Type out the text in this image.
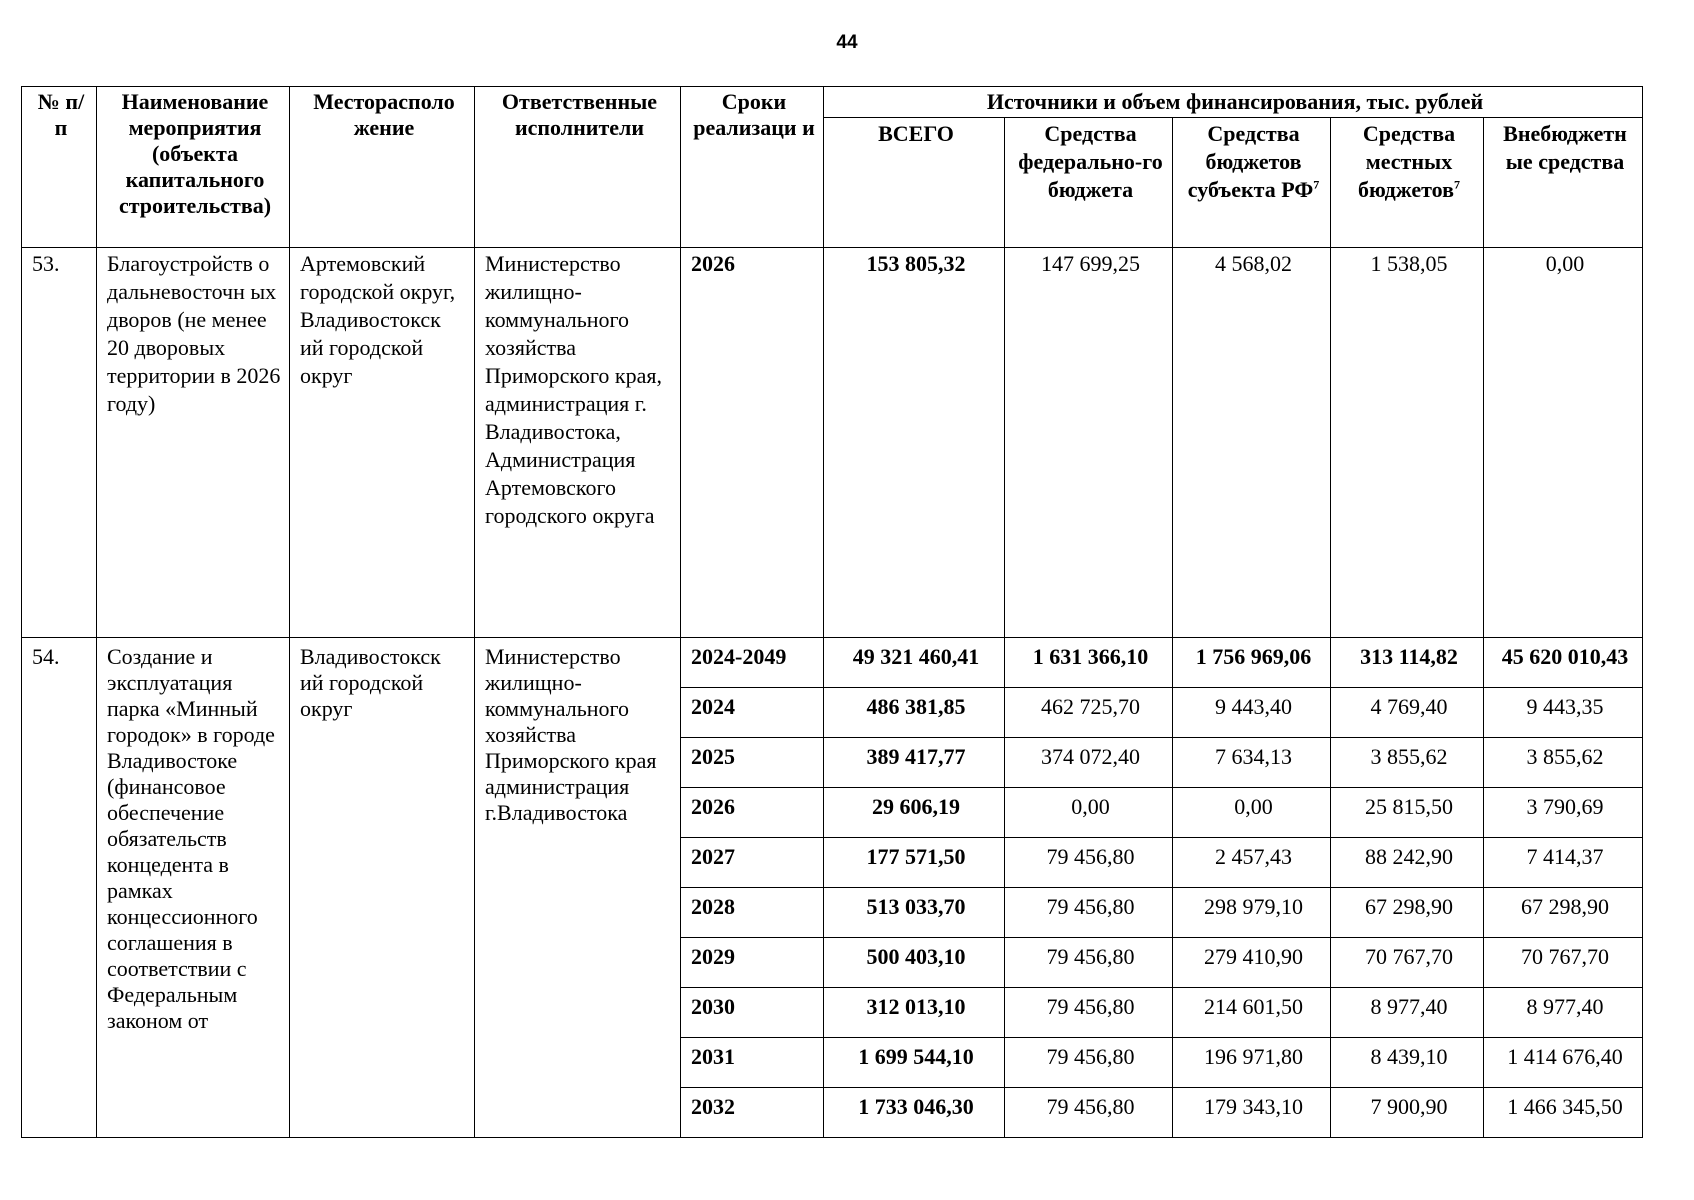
44
№ п/п	Наименование мероприятия (объекта капитального строительства)	Месторасполо жение	Ответственные исполнители	Сроки реализаци и	Источники и объем финансирования, тыс. рублей				
					ВСЕГО	Средства федерально-го бюджета	Средства бюджетов субъекта $РФ^7$	Средства местных бюджетов$^7$	Внебюджетн ые средства
53.	Благоустройств о дальневосточн ых дворов (не менее 20 дворовых территории в 2026 году)	Артемовский городской округ, Владивостокск ий городской округ	Министерство жилищно-коммунального хозяйства Приморского края, администрация г. Владивостока, Администрация Артемовского городского округа	2026	153 805,32	147 699,25	4 568,02	1 538,05	0,00
54.	Создание и эксплуатация парка «Минный городок» в городе Владивостоке (финансовое обеспечение обязательств концедента в рамках концессионного соглашения в соответствии с Федеральным законом от	Владивостокск ий городской округ	Министерство жилищно-коммунального хозяйства Приморского края администрация г.Владивостока	2024-2049	49 321 460,41	1 631 366,10	1 756 969,06	313 114,82	45 620 010,43
				2024	486 381,85	462 725,70	9 443,40	4 769,40	9 443,35
				2025	389 417,77	374 072,40	7 634,13	3 855,62	3 855,62
				2026	29 606,19	0,00	0,00	25 815,50	3 790,69
				2027	177 571,50	79 456,80	2 457,43	88 242,90	7 414,37
				2028	513 033,70	79 456,80	298 979,10	67 298,90	67 298,90
				2029	500 403,10	79 456,80	279 410,90	70 767,70	70 767,70
				2030	312 013,10	79 456,80	214 601,50	8 977,40	8 977,40
				2031	1 699 544,10	79 456,80	196 971,80	8 439,10	1 414 676,40
				2032	1 733 046,30	79 456,80	179 343,10	7 900,90	1 466 345,50
